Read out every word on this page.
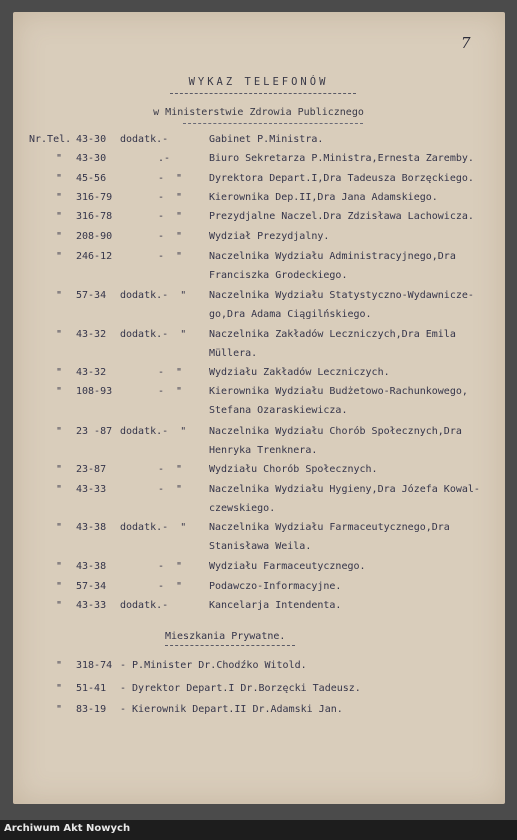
7
WYKAZ TELEFONÓW
w Ministerstwie Zdrowia Publicznego
Nr.Tel. 43-30 dodatk.-	Gabinet P.Ministra.
" 43-30	.-	Biuro Sekretarza P.Ministra,Ernesta Zaremby.
" 45-56	-  "	Dyrektora Depart.I,Dra Tadeusza Borzęckiego.
" 316-79	-  "	Kierownika Dep.II,Dra Jana Adamskiego.
" 316-78	-  "	Prezydjalne Naczel.Dra Zdzisława Lachowicza.
" 208-90	-  "	Wydział Prezydjalny.
" 246-12	-  "	Naczelnika Wydziału Administracyjnego,Dra
Franciszka Grodeckiego.
" 57-34 dodatk.-  " Naczelnika Wydziału Statystyczno-Wydawnicze-
go,Dra Adama Ciągilńskiego.
" 43-32 dodatk.-  " Naczelnika Zakładów Leczniczych,Dra Emila
Müllera.
" 43-32	-  "	Wydziału Zakładów Leczniczych.
" 108-93	-  "	Kierownika Wydziału Budżetowo-Rachunkowego,
Stefana Ozaraskiewicza.
" 23 -87 dodatk.-  " Naczelnika Wydziału Chorób Społecznych,Dra
Henryka Trenknera.
" 23-87	-  "	Wydziału Chorób Społecznych.
" 43-33	-  "	Naczelnika Wydziału Hygieny,Dra Józefa Kowal-
czewskiego.
" 43-38 dodatk.-  " Naczelnika Wydziału Farmaceutycznego,Dra
Stanisława Weila.
" 43-38	-  "	Wydziału Farmaceutycznego.
" 57-34	-  "	Podawczo-Informacyjne.
" 43-33 dodatk.-	Kancelarja Intendenta.
Mieszkania Prywatne.
" 318-74 - P.Minister Dr.Chodźko Witold.
" 51-41 - Dyrektor Depart.I Dr.Borzęcki Tadeusz.
" 83-19 - Kierownik Depart.II Dr.Adamski Jan.
Archiwum Akt Nowych
